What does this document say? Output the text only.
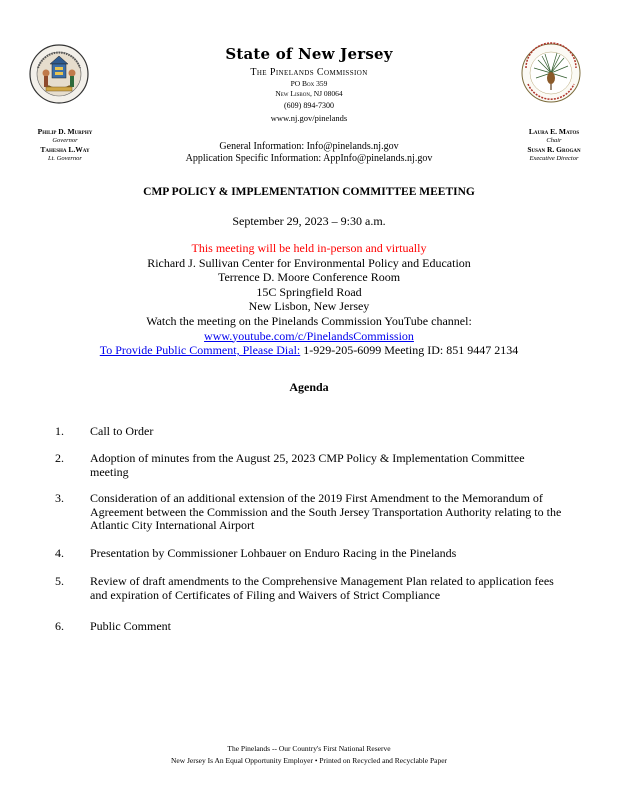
State of New Jersey
The Pinelands Commission
PO Box 359
New Lisbon, NJ 08064
(609) 894-7300
www.nj.gov/pinelands
General Information: Info@pinelands.nj.gov
Application Specific Information: AppInfo@pinelands.nj.gov
Philip D. Murphy
Governor
Tahesha L.Way
Lt. Governor
Laura E. Matos
Chair
Susan R. Grogan
Executive Director
CMP POLICY & IMPLEMENTATION COMMITTEE MEETING
September 29, 2023 – 9:30 a.m.
This meeting will be held in-person and virtually
Richard J. Sullivan Center for Environmental Policy and Education
Terrence D. Moore Conference Room
15C Springfield Road
New Lisbon, New Jersey
Watch the meeting on the Pinelands Commission YouTube channel:
www.youtube.com/c/PinelandsCommission
To Provide Public Comment, Please Dial: 1-929-205-6099 Meeting ID: 851 9447 2134
Agenda
1. Call to Order
2. Adoption of minutes from the August 25, 2023 CMP Policy & Implementation Committee meeting
3. Consideration of an additional extension of the 2019 First Amendment to the Memorandum of Agreement between the Commission and the South Jersey Transportation Authority relating to the Atlantic City International Airport
4. Presentation by Commissioner Lohbauer on Enduro Racing in the Pinelands
5. Review of draft amendments to the Comprehensive Management Plan related to application fees and expiration of Certificates of Filing and Waivers of Strict Compliance
6. Public Comment
The Pinelands -- Our Country's First National Reserve
New Jersey Is An Equal Opportunity Employer • Printed on Recycled and Recyclable Paper
